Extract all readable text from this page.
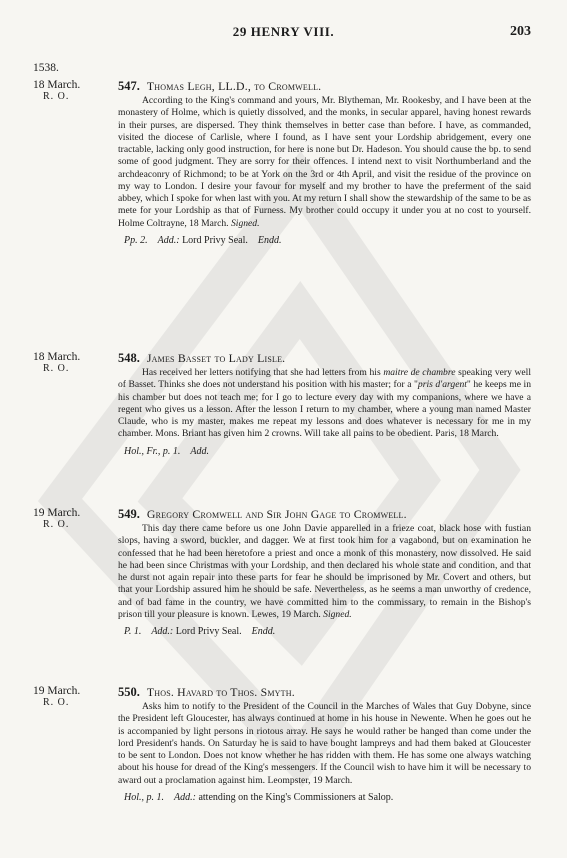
29 HENRY VIII.	203
1538.
18 March.
R. O.
547. Thomas Legh, LL.D., to Cromwell.
According to the King's command and yours, Mr. Blytheman, Mr. Rookesby, and I have been at the monastery of Holme, which is quietly dissolved, and the monks, in secular apparel, having honest rewards in their purses, are dispersed. They think themselves in better case than before. I have, as commanded, visited the diocese of Carlisle, where I found, as I have sent your Lordship abridgement, every one tractable, lacking only good instruction, for here is none but Dr. Hadeson. You should cause the bp. to send some of good judgment. They are sorry for their offences. I intend next to visit Northumberland and the archdeaconry of Richmond; to be at York on the 3rd or 4th April, and visit the residue of the province on my way to London. I desire your favour for myself and my brother to have the preferment of the said abbey, which I spoke for when last with you. At my return I shall show the stewardship of the same to be as mete for your Lordship as that of Furness. My brother could occupy it under you at no cost to yourself. Holme Coltrayne, 18 March. Signed.
Pp. 2. Add.: Lord Privy Seal. Endd.
18 March.
R. O.
548. James Basset to Lady Lisle.
Has received her letters notifying that she had letters from his maitre de chambre speaking very well of Basset. Thinks she does not understand his position with his master; for a "pris d'argent" he keeps me in his chamber but does not teach me; for I go to lecture every day with my companions, where we have a regent who gives us a lesson. After the lesson I return to my chamber, where a young man named Master Claude, who is my master, makes me repeat my lessons and does whatever is necessary for me in my chamber. Mons. Briant has given him 2 crowns. Will take all pains to be obedient. Paris, 18 March.
Hol., Fr., p. 1. Add.
19 March.
R. O.
549. Gregory Cromwell and Sir John Gage to Cromwell.
This day there came before us one John Davie apparelled in a frieze coat, black hose with fustian slops, having a sword, buckler, and dagger. We at first took him for a vagabond, but on examination he confessed that he had been heretofore a priest and once a monk of this monastery, now dissolved. He said he had been since Christmas with your Lordship, and then declared his whole state and condition, and that he durst not again repair into these parts for fear he should be imprisoned by Mr. Covert and others, but that your Lordship assured him he should be safe. Nevertheless, as he seems a man unworthy of credence, and of bad fame in the country, we have committed him to the commissary, to remain in the Bishop's prison till your pleasure is known. Lewes, 19 March. Signed.
P. 1. Add.: Lord Privy Seal. Endd.
19 March.
R. O.
550. Thos. Havard to Thos. Smyth.
Asks him to notify to the President of the Council in the Marches of Wales that Guy Dobyne, since the President left Gloucester, has always continued at home in his house in Newente. When he goes out he is accompanied by light persons in riotous array. He says he would rather be hanged than come under the lord President's hands. On Saturday he is said to have bought lampreys and had them baked at Gloucester to be sent to London. Does not know whether he has ridden with them. He has some one always watching about his house for dread of the King's messengers. If the Council wish to have him it will be necessary to award out a proclamation against him. Leompster, 19 March.
Hol., p. 1. Add.: attending on the King's Commissioners at Salop.
